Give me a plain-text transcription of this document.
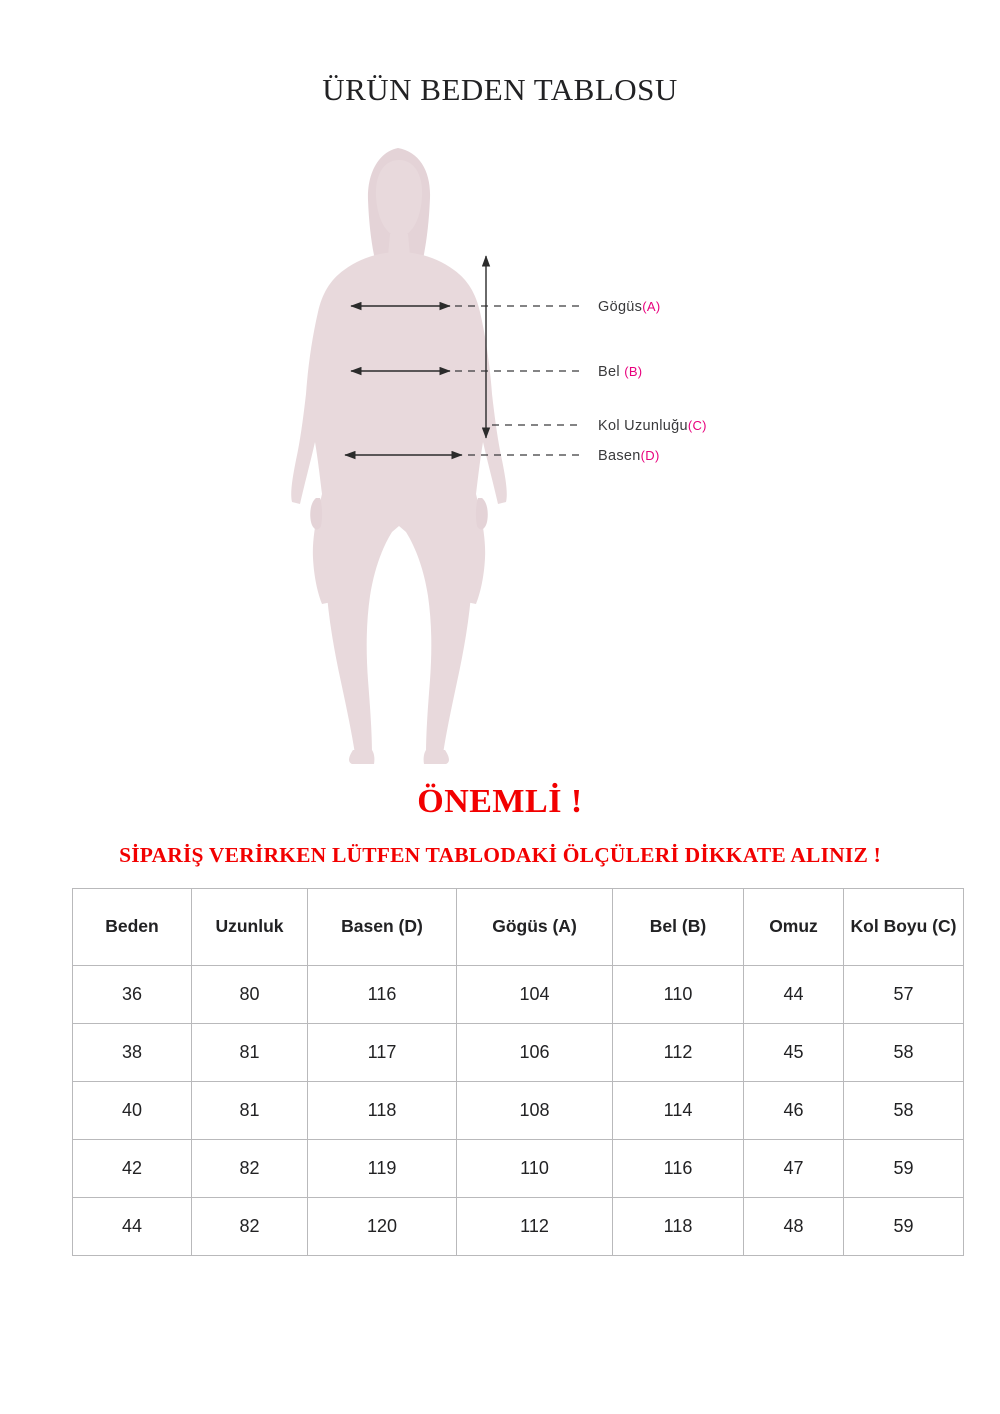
ÜRÜN BEDEN TABLOSU
Gögüs(A)
Bel (B)
Kol Uzunluğu(C)
Basen(D)
ÖNEMLİ !
SİPARİŞ VERİRKEN LÜTFEN TABLODAKİ ÖLÇÜLERİ DİKKATE ALINIZ !
Beden	Uzunluk	Basen (D)	Gögüs (A)	Bel (B)	Omuz	Kol Boyu (C)
36	80	116	104	110	44	57
38	81	117	106	112	45	58
40	81	118	108	114	46	58
42	82	119	110	116	47	59
44	82	120	112	118	48	59
